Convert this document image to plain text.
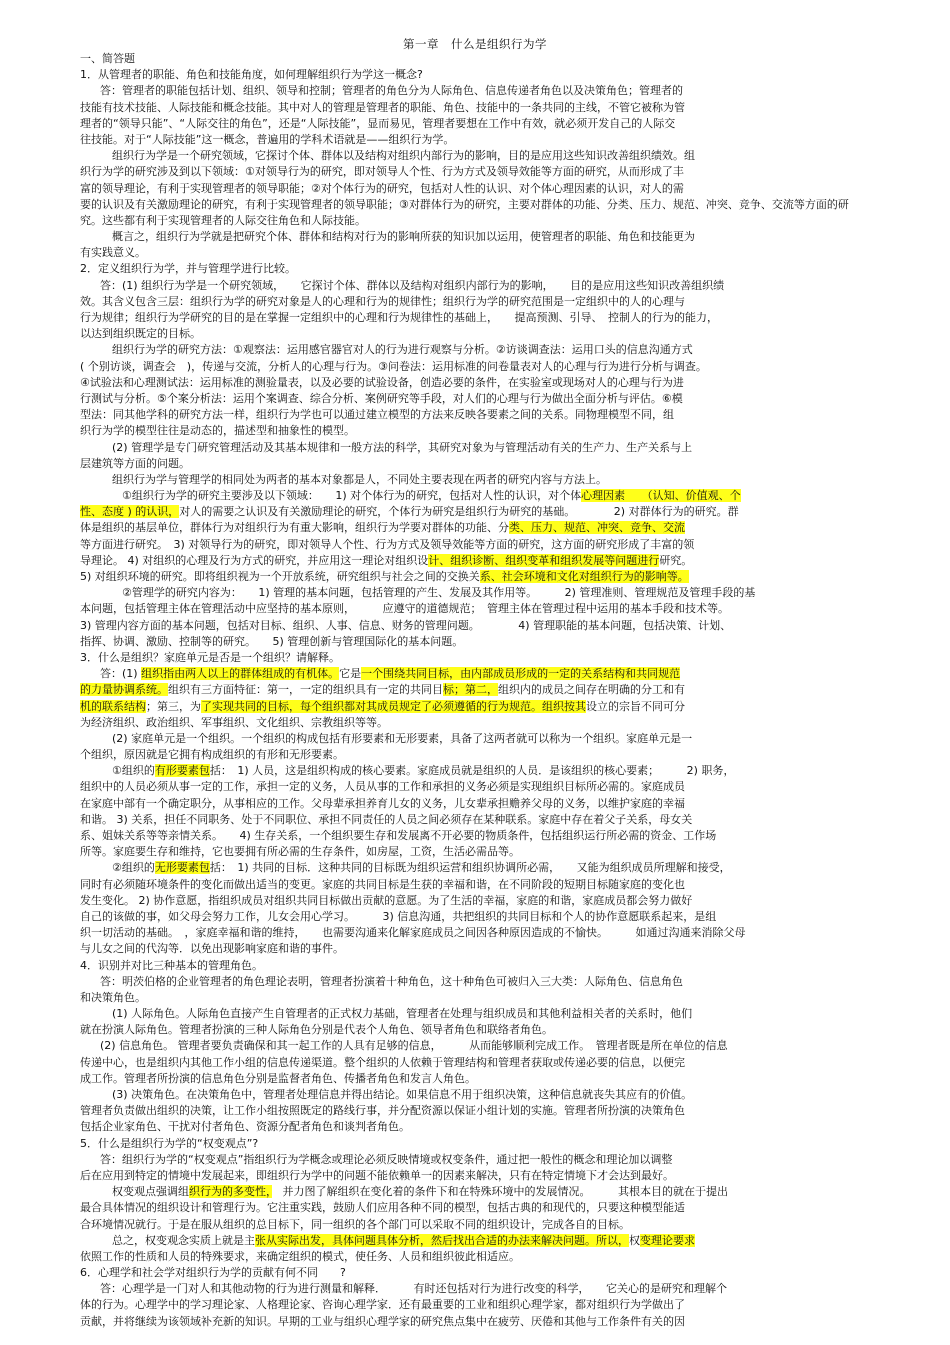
第一章　什么是组织行为学
一、简答题
1．从管理者的职能、角色和技能角度，如何理解组织行为学这一概念?
答：管理者的职能包括计划、组织、领导和控制；管理者的角色分为人际角色、信息传递者角色以及决策角色；管理者的
技能有技术技能、人际技能和概念技能。其中对人的管理是管理者的职能、角色、技能中的一条共同的主线，不管它被称为管
理者的“领导只能”、“人际交往的角色”，还是“人际技能”，显而易见，管理者要想在工作中有效，就必须开发自己的人际交
往技能。对于“人际技能”这一概念，普遍用的学科术语就是——组织行为学。
组织行为学是一个研究领域，它探讨个体、群体以及结构对组织内部行为的影响，目的是应用这些知识改善组织绩效。组
织行为学的研究涉及到以下领域：①对领导行为的研究，即对领导人个性、行为方式及领导效能等方面的研究，从而形成了丰
富的领导理论，有利于实现管理者的领导职能；②对个体行为的研究，包括对人性的认识、对个体心理因素的认识，对人的需
要的认识及有关激励理论的研究，有利于实现管理者的领导职能；③对群体行为的研究，主要对群体的功能、分类、压力、规范、冲突、竞争、交流等方面的研
究。这些都有利于实现管理者的人际交往角色和人际技能。
概言之，组织行为学就是把研究个体、群体和结构对行为的影响所获的知识加以运用，使管理者的职能、角色和技能更为
有实践意义。
2．定义组织行为学，并与管理学进行比较。
答：(1) 组织行为学是一个研究领域，　　它探讨个体、群体以及结构对组织内部行为的影响，　　目的是应用这些知识改善组织绩
效。其含义包含三层：组织行为学的研究对象是人的心理和行为的规律性；组织行为学的研究范围是一定组织中的人的心理与
行为规律；组织行为学研究的目的是在掌握一定组织中的心理和行为规律性的基础上，　　提高预测、引导、　控制人的行为的能力，
以达到组织既定的目标。
组织行为学的研究方法：①观察法：运用感官器官对人的行为进行观察与分析。②访谈调查法：运用口头的信息沟通方式
( 个别访谈，调查会　)，传递与交流，分析人的心理与行为。③问卷法：运用标准的问卷量表对人的心理与行为进行分析与调查。
④试验法和心理测试法：运用标准的测验量表，以及必要的试验设备，创造必要的条件，在实验室或现场对人的心理与行为进
行测试与分析。⑤个案分析法：运用个案调查、综合分析、案例研究等手段，对人们的心理与行为做出全面分析与评估。⑥模
型法：同其他学科的研究方法一样，组织行为学也可以通过建立模型的方法来反映各要素之间的关系。同物理模型不同，组
织行为学的模型往往是动态的，描述型和抽象性的模型。
(2) 管理学是专门研究管理活动及其基本规律和一般方法的科学，其研究对象为与管理活动有关的生产力、生产关系与上
层建筑等方面的问题。
组织行为学与管理学的相同处为两者的基本对象都是人，不同处主要表现在两者的研究内容与方法上。
①组织行为学的研究主要涉及以下领域：　　1) 对个体行为的研究，包括对人性的认识，对个体心理因素　　（认知、价值观、个
性、态度 ) 的认识，对人的需要之认识及有关激励理论的研究，个体行为研究是组织行为研究的基础。　　　　2) 对群体行为的研究。群
体是组织的基层单位，群体行为对组织行为有重大影响，组织行为学要对群体的功能、分类、压力、规范、冲突、竞争、交流
等方面进行研究。　3) 对领导行为的研究，即对领导人个性、行为方式及领导效能等方面的研究，这方面的研究形成了丰富的领
导理论。 4) 对组织的心理及行为方式的研究，并应用这一理论对组织设计、组织诊断、组织变革和组织发展等问题进行研究。
5) 对组织环境的研究。即将组织视为一个开放系统，研究组织与社会之间的交换关系、社会环境和文化对组织行为的影响等。
②管理学的研究内容为：　　1) 管理的基本问题，包括管理的产生、发展及其作用等。　　　2) 管理准则、管理规范及管理手段的基
本问题，包括管理主体在管理活动中应坚持的基本原则，　　　应遵守的道德规范；　管理主体在管理过程中运用的基本手段和技术等。
3) 管理内容方面的基本问题，包括对目标、组织、人事、信息、财务的管理问题。　　　　4) 管理职能的基本问题，包括决策、计划、
指挥、协调、激励、控制等的研究。　　5) 管理创新与管理国际化的基本问题。
3．什么是组织？家庭单元是否是一个组织？请解释。
答：(1) 组织指由两人以上的群体组成的有机体。它是一个围绕共同目标，由内部成员形成的一定的关系结构和共同规范
的力量协调系统。组织有三方面特征：第一，一定的组织具有一定的共同目标；第二，组织内的成员之间存在明确的分工和有
机的联系结构；第三，为了实现共同的目标，每个组织都对其成员规定了必须遵循的行为规范。组织按其设立的宗旨不同可分
为经济组织、政治组织、军事组织、文化组织、宗教组织等等。
(2) 家庭单元是一个组织。一个组织的构成包括有形要素和无形要素，具备了这两者就可以称为一个组织。家庭单元是一
个组织，原因就是它拥有构成组织的有形和无形要素。
①组织的有形要素包括：　1) 人员，这是组织构成的核心要素。家庭成员就是组织的人员．是该组织的核心要素；　　　2) 职务，
组织中的人员必须从事一定的工作，承担一定的义务，人员从事的工作和承担的义务必须是实现组织目标所必需的。家庭成员
在家庭中部有一个确定职分，从事相应的工作。父母辈承担养育儿女的义务，儿女辈承担赡养父母的义务，以维护家庭的幸福
和谐。 3) 关系，担任不同职务、处于不同职位、承担不同责任的人员之间必须存在某种联系。家庭中存在着父子关系，母女关
系、姐妹关系等等亲情关系。　　4) 生存关系，一个组织要生存和发展离不开必要的物质条件，包括组织运行所必需的资金、工作场
所等。家庭要生存和维持，它也要拥有所必需的生存条件，如房屋，工资，生活必需品等。
②组织的无形要素包括：　1) 共同的目标．这种共同的目标既为组织运营和组织协调所必需，　　又能为组织成员所理解和接受，
同时有必须随环境条件的变化而做出适当的变更。家庭的共同目标是生获的幸福和谐，在不同阶段的短期目标随家庭的变化也
发生变化。 2) 协作意愿，指组织成员对组织共同目标做出贡献的意愿。为了生活的幸福，家庭的和谐，家庭成员都会努力做好
自己的该做的事，如父母会努力工作，儿女会用心学习。　　　3) 信息沟通，共把组织的共同目标和个人的协作意愿联系起来，是组
织一切活动的基础。　，家庭幸福和谐的维持，　　也需要沟通来化解家庭成员之间因各种原因造成的不愉快。　　　如通过沟通来消除父母
与儿女之间的代沟等．以免出现影响家庭和谐的事件。
4．识别并对比三种基本的管理角色。
答：明茨伯格的企业管理者的角色理论表明，管理者扮演着十种角色，这十种角色可被归入三大类：人际角色、信息角色
和决策角色。
(1) 人际角色。人际角色直接产生自管理者的正式权力基础，管理者在处理与组织成员和其他利益相关者的关系时，他们
就在扮演人际角色。管理者扮演的三种人际角色分别是代表个人角色、领导者角色和联络者角色。
(2) 信息角色。 管理者要负责确保和其一起工作的人具有足够的信息，　　　从而能够顺利完成工作。　管理者既是所在单位的信息
传递中心，也是组织内其他工作小组的信息传递渠道。整个组织的人依赖于管理结构和管理者获取或传递必要的信息，以便完
成工作。管理者所扮演的信息角色分别是监督者角色、传播者角色和发言人角色。
(3) 决策角色。在决策角色中，管理者处理信息并得出结论。如果信息不用于组织决策，这种信息就丧失其应有的价值。
管理者负责做出组织的决策，让工作小组按照既定的路线行事，并分配资源以保证小组计划的实施。管理者所扮演的决策角色
包括企业家角色、干扰对付者角色、资源分配者角色和谈判者角色。
5．什么是组织行为学的“权变观点”?
答：组织行为学的“权变观点”指组织行为学概念或理论必须反映情境或权变条件，通过把一般性的概念和理论加以调整
后在应用到特定的情境中发展起来，即组织行为学中的问题不能依赖单一的因素来解决，只有在特定情境下才会达到最好。
权变观点强调组织行为的多变性，　并力图了解组织在变化着的条件下和在特殊环境中的发展情况。　　　其根本目的就在于提出
最合具体情况的组织设计和管理行为。它注重实践，鼓励人们应用各种不同的模型，包括古典的和现代的，只要这种模型能适
合环境情况就行。于是在服从组织的总目标下，同一组织的各个部门可以采取不同的组织设计，完成各自的目标。
总之，权变观念实质上就是主张从实际出发，具体问题具体分析，然后找出合适的办法来解决问题。所以，权变理论要求
依照工作的性质和人员的特殊要求，来确定组织的模式，使任务、人员和组织彼此相适应。
6．心理学和社会学对组织行为学的贡献有何不同　　?
答：心理学是一门对人和其他动物的行为进行测量和解释．　　　有时还包括对行为进行改变的科学，　　它关心的是研究和理解个
体的行为。心理学中的学习理论家、人格理论家、咨询心理学家．还有最重要的工业和组织心理学家，都对组织行为学做出了
贡献，并将继续为该领域补充新的知识。早期的工业与组织心理学家的研究焦点集中在疲劳、厌倦和其他与工作条件有关的因
